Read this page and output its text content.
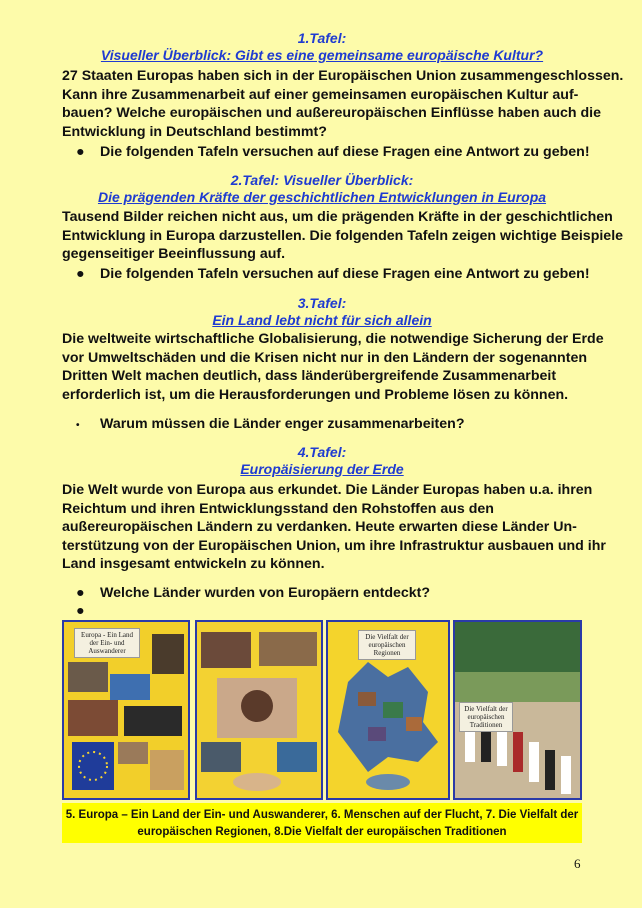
1.Tafel:

Visueller Überblick: Gibt es eine gemeinsame europäische Kultur?

27 Staaten Europas haben sich in der Europäischen Union zusammengeschlossen.
Kann ihre Zusammenarbeit auf einer gemeinsamen europäischen Kultur auf-
bauen? Welche europäischen und außereuropäischen Einflüsse haben auch die
Entwicklung in Deutschland bestimmt?
● Die folgenden Tafeln versuchen auf diese Fragen eine Antwort zu geben!

2.Tafel: Visueller Überblick:

Die prägenden Kräfte der geschichtlichen Entwicklungen in Europa

Tausend Bilder reichen nicht aus, um die prägenden Kräfte in der geschichtlichen
Entwicklung in Europa darzustellen. Die folgenden Tafeln zeigen wichtige Beispiele
gegenseitiger Beeinflussung auf.
● Die folgenden Tafeln versuchen auf diese Fragen eine Antwort zu geben!

3.Tafel:

Ein Land lebt nicht für sich allein

Die weltweite wirtschaftliche Globalisierung, die notwendige Sicherung der Erde
vor Umweltschäden und die Krisen nicht nur in den Ländern der sogenannten
Dritten Welt machen deutlich, dass länderübergreifende Zusammenarbeit
erforderlich ist, um die Herausforderungen und Probleme lösen zu können.
• Warum müssen die Länder enger zusammenarbeiten?

4.Tafel:

Europäisierung der Erde

Die Welt wurde von Europa aus erkundet. Die Länder Europas haben u.a. ihren
Reichtum und ihren Entwicklungsstand den Rohstoffen aus den
außereuropäischen Ländern zu verdanken. Heute erwarten diese Länder Un-
terstützung von der Europäischen Union, um ihre Infrastruktur ausbauen und ihr
Land insgesamt entwickeln zu können.
● Welche Länder wurden von Europäern entdeckt?
●
Europa - Ein Land der Ein- und Auswanderer
Die Vielfalt der europäischen Regionen
Die Vielfalt der europäischen Traditionen
5. Europa – Ein Land der Ein- und Auswanderer, 6. Menschen auf der Flucht, 7. Die Vielfalt der
europäischen Regionen, 8.Die Vielfalt der europäischen Traditionen
6
